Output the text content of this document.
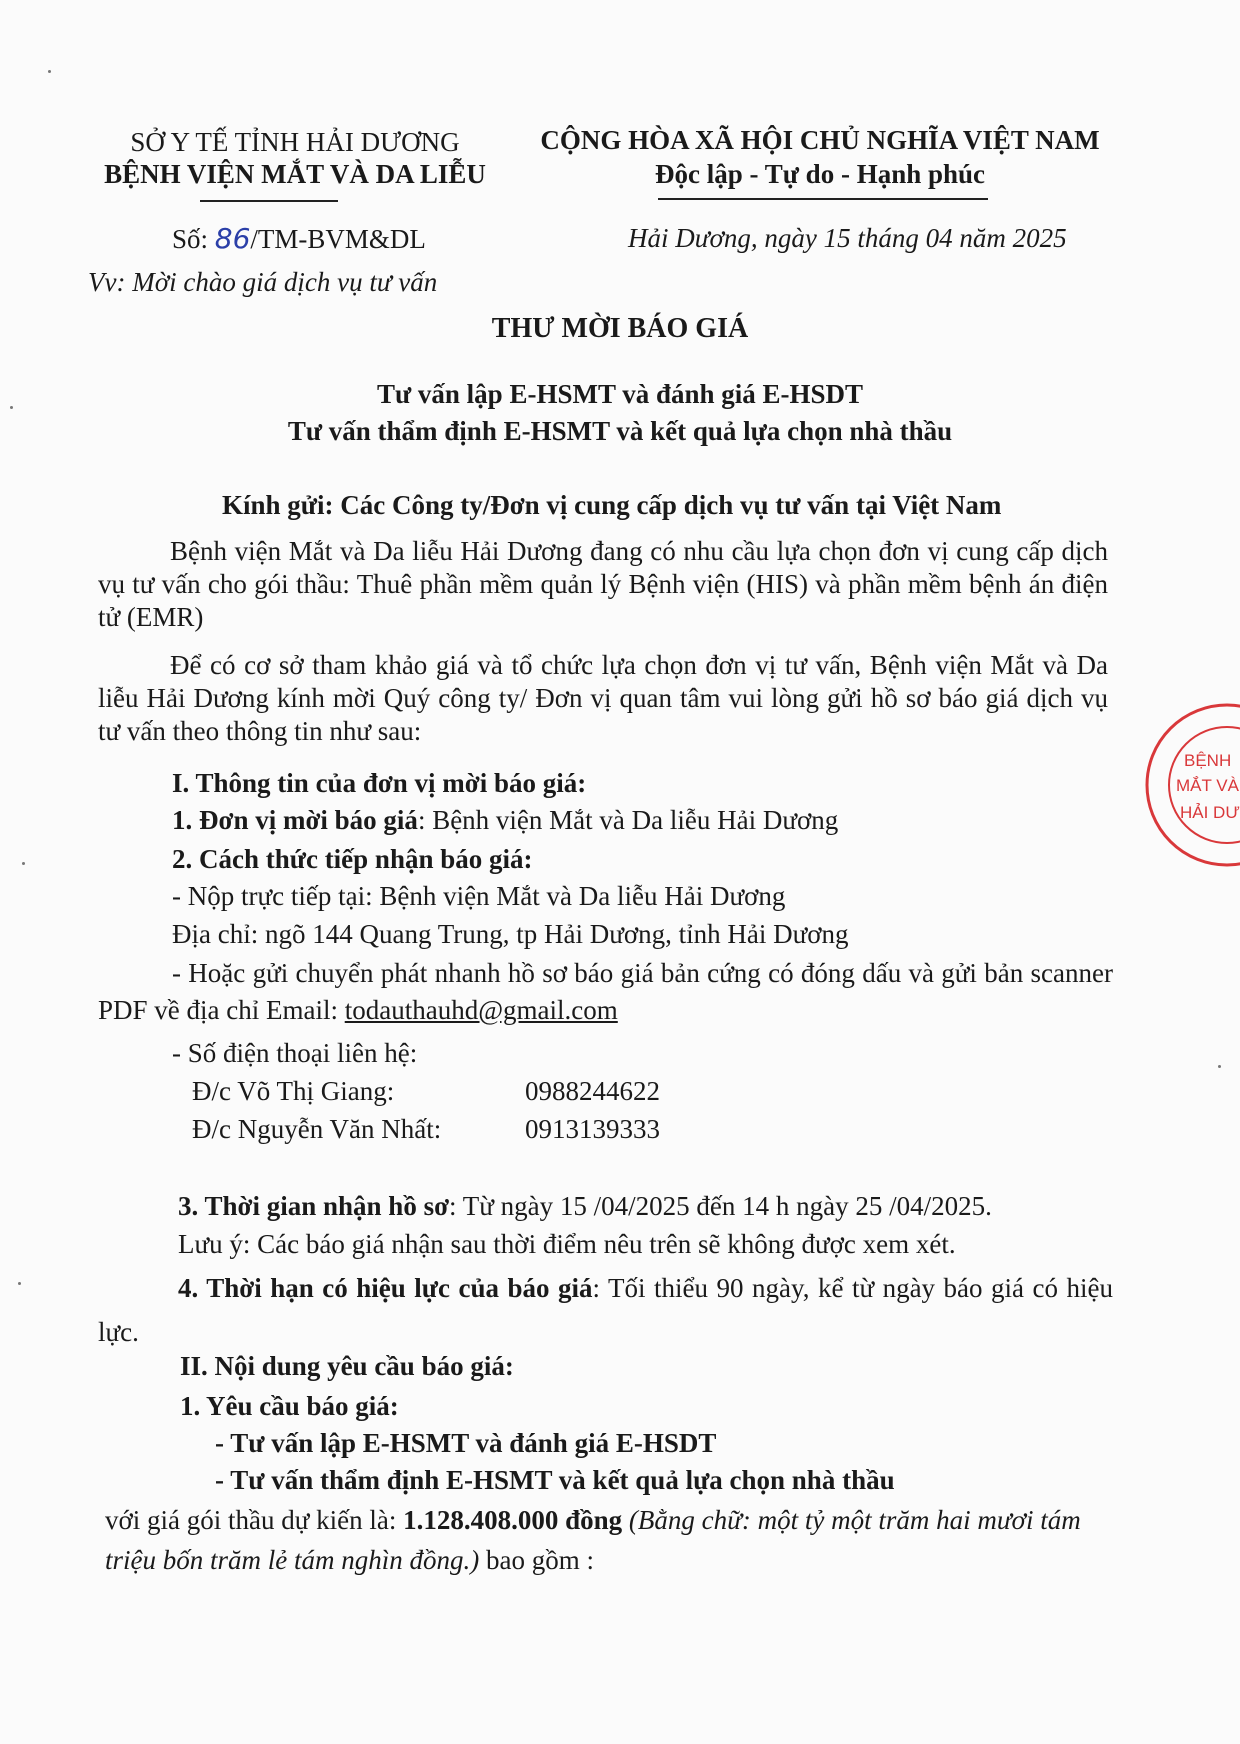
SỞ Y TẾ TỈNH HẢI DƯƠNG
BỆNH VIỆN MẮT VÀ DA LIỄU
CỘNG HÒA XÃ HỘI CHỦ NGHĨA VIỆT NAM
Độc lập - Tự do - Hạnh phúc
Số: 86/TM-BVM&DL	Hải Dương, ngày 15 tháng 04 năm 2025
Vv: Mời chào giá dịch vụ tư vấn
THƯ MỜI BÁO GIÁ
Tư vấn lập E-HSMT và đánh giá E-HSDT
Tư vấn thẩm định E-HSMT và kết quả lựa chọn nhà thầu
Kính gửi: Các Công ty/Đơn vị cung cấp dịch vụ tư vấn tại Việt Nam
Bệnh viện Mắt và Da liễu Hải Dương đang có nhu cầu lựa chọn đơn vị cung cấp dịch vụ tư vấn cho gói thầu: Thuê phần mềm quản lý Bệnh viện (HIS) và phần mềm bệnh án điện tử (EMR)
Để có cơ sở tham khảo giá và tổ chức lựa chọn đơn vị tư vấn, Bệnh viện Mắt và Da liễu Hải Dương kính mời Quý công ty/ Đơn vị quan tâm vui lòng gửi hồ sơ báo giá dịch vụ tư vấn theo thông tin như sau:
I. Thông tin của đơn vị mời báo giá:
1. Đơn vị mời báo giá: Bệnh viện Mắt và Da liễu Hải Dương
2. Cách thức tiếp nhận báo giá:
- Nộp trực tiếp tại: Bệnh viện Mắt và Da liễu Hải Dương
Địa chỉ: ngõ 144 Quang Trung, tp Hải Dương, tỉnh Hải Dương
- Hoặc gửi chuyển phát nhanh hồ sơ báo giá bản cứng có đóng dấu và gửi bản scanner PDF về địa chỉ Email: todauthauhd@gmail.com
- Số điện thoại liên hệ:
Đ/c Võ Thị Giang:	0988244622
Đ/c Nguyễn Văn Nhất:	0913139333
3. Thời gian nhận hồ sơ: Từ ngày 15 /04/2025 đến 14 h ngày 25 /04/2025.
Lưu ý: Các báo giá nhận sau thời điểm nêu trên sẽ không được xem xét.
4. Thời hạn có hiệu lực của báo giá: Tối thiểu 90 ngày, kể từ ngày báo giá có hiệu lực.
II. Nội dung yêu cầu báo giá:
1. Yêu cầu báo giá:
- Tư vấn lập E-HSMT và đánh giá E-HSDT
- Tư vấn thẩm định E-HSMT và kết quả lựa chọn nhà thầu
với giá gói thầu dự kiến là: 1.128.408.000 đồng (Bằng chữ: một tỷ một trăm hai mươi tám triệu bốn trăm lẻ tám nghìn đồng.) bao gồm :
BỆNH
MẮT VÀ
HẢI DƯ
